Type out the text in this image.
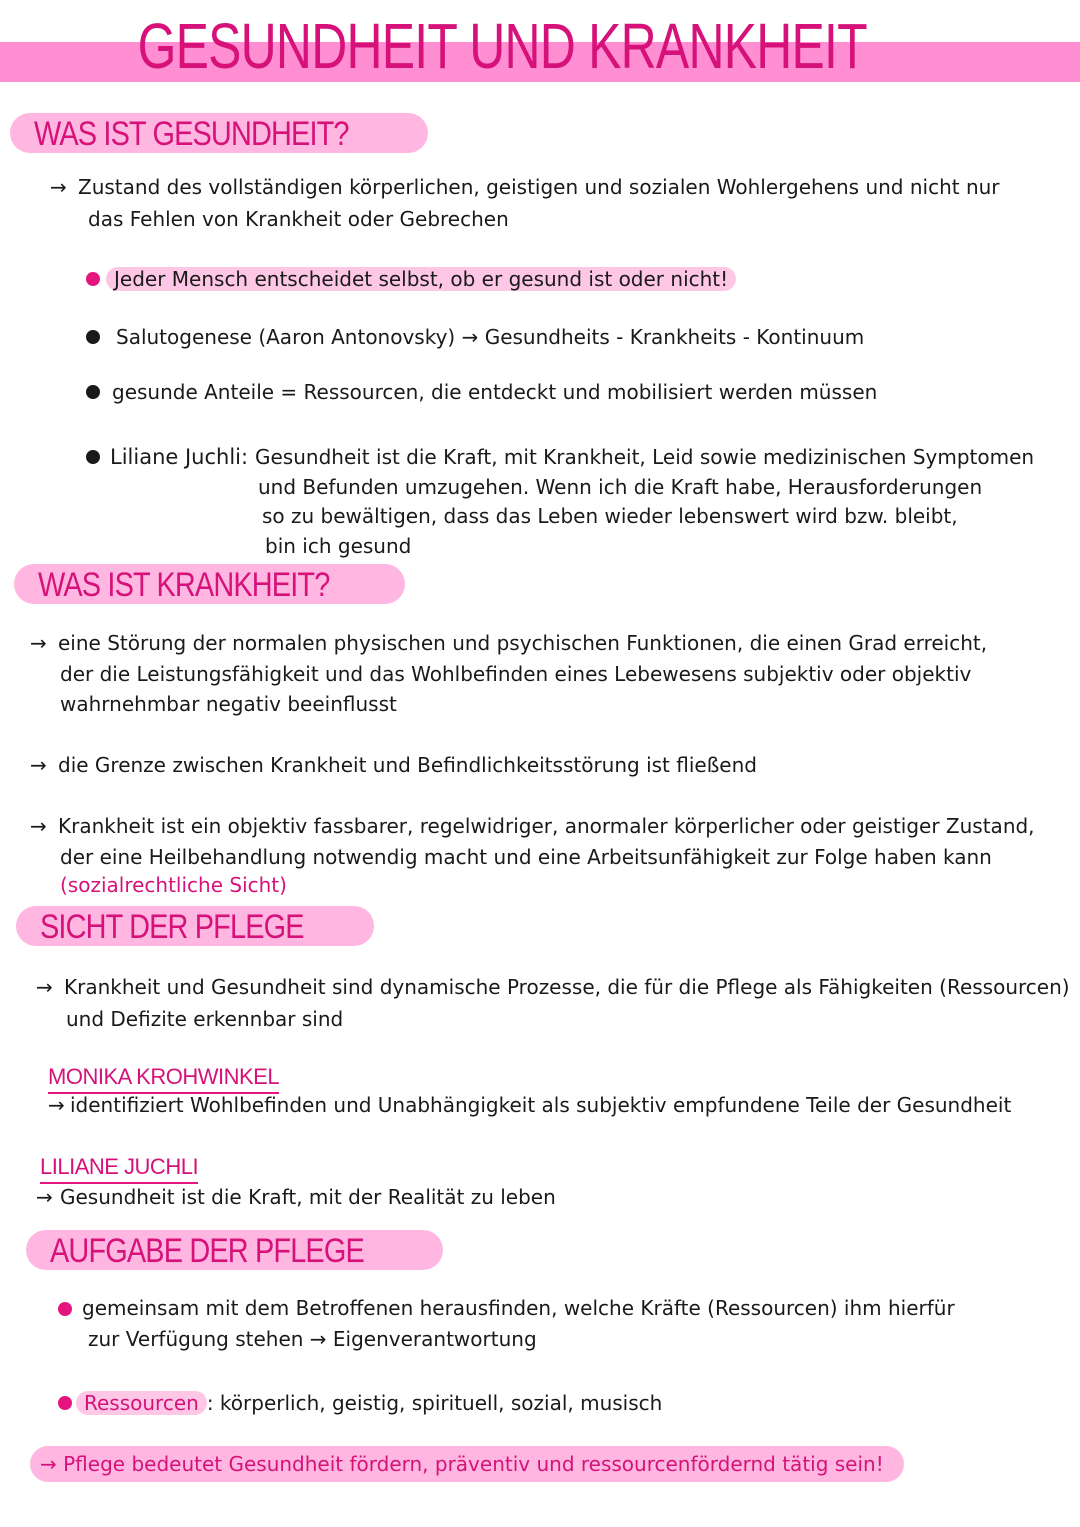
GESUNDHEIT UND KRANKHEIT
WAS IST GESUNDHEIT?
→ Zustand des vollständigen körperlichen, geistigen und sozialen Wohlergehens und nicht nur
das Fehlen von Krankheit oder Gebrechen
Jeder Mensch entscheidet selbst, ob er gesund ist oder nicht!
Salutogenese (Aaron Antonovsky) → Gesundheits - Krankheits - Kontinuum
gesunde Anteile = Ressourcen, die entdeckt und mobilisiert werden müssen
Liliane Juchli: Gesundheit ist die Kraft, mit Krankheit, Leid sowie medizinischen Symptomen
und Befunden umzugehen. Wenn ich die Kraft habe, Herausforderungen
so zu bewältigen, dass das Leben wieder lebenswert wird bzw. bleibt,
bin ich gesund
WAS IST KRANKHEIT?
→ eine Störung der normalen physischen und psychischen Funktionen, die einen Grad erreicht,
der die Leistungsfähigkeit und das Wohlbefinden eines Lebewesens subjektiv oder objektiv
wahrnehmbar negativ beeinflusst
→ die Grenze zwischen Krankheit und Befindlichkeitsstörung ist fließend
→ Krankheit ist ein objektiv fassbarer, regelwidriger, anormaler körperlicher oder geistiger Zustand,
der eine Heilbehandlung notwendig macht und eine Arbeitsunfähigkeit zur Folge haben kann
(sozialrechtliche Sicht)
SICHT DER PFLEGE
→ Krankheit und Gesundheit sind dynamische Prozesse, die für die Pflege als Fähigkeiten (Ressourcen)
und Defizite erkennbar sind
MONIKA KROHWINKEL
→ identifiziert Wohlbefinden und Unabhängigkeit als subjektiv empfundene Teile der Gesundheit
LILIANE JUCHLI
→ Gesundheit ist die Kraft, mit der Realität zu leben
AUFGABE DER PFLEGE
gemeinsam mit dem Betroffenen herausfinden, welche Kräfte (Ressourcen) ihm hierfür
zur Verfügung stehen → Eigenverantwortung
Ressourcen : körperlich, geistig, spirituell, sozial, musisch
→ Pflege bedeutet Gesundheit fördern, präventiv und ressourcenfördernd tätig sein!
